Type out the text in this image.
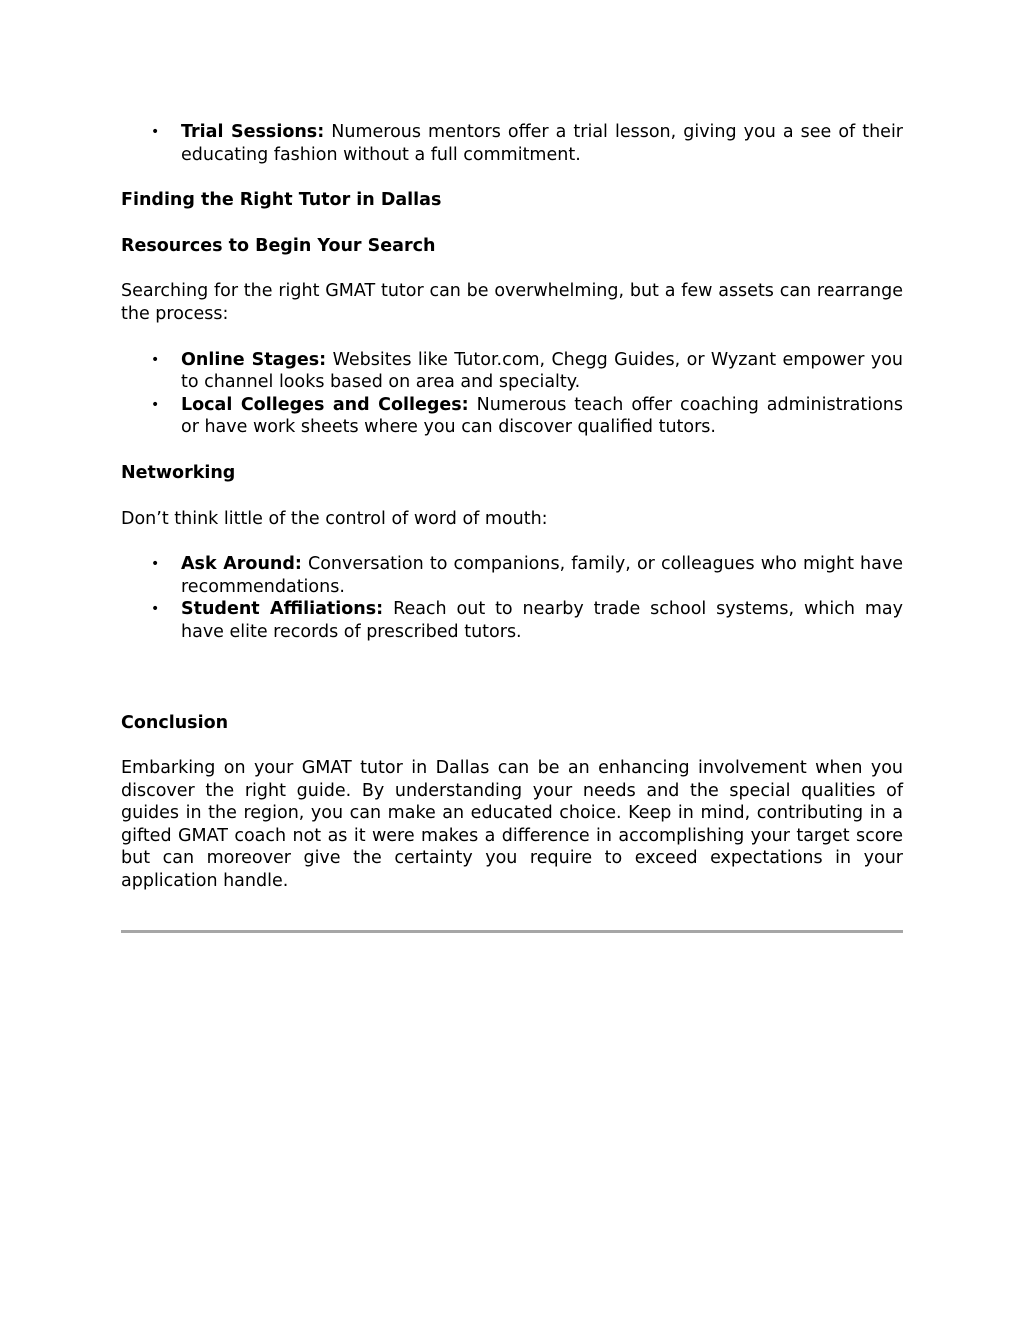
• Trial Sessions: Numerous mentors offer a trial lesson, giving you a see of their educating fashion without a full commitment.

Finding the Right Tutor in Dallas

Resources to Begin Your Search

Searching for the right GMAT tutor can be overwhelming, but a few assets can rearrange the process:

• Online Stages: Websites like Tutor.com, Chegg Guides, or Wyzant empower you to channel looks based on area and specialty.
• Local Colleges and Colleges: Numerous teach offer coaching administrations or have work sheets where you can discover qualified tutors.

Networking

Don’t think little of the control of word of mouth:

• Ask Around: Conversation to companions, family, or colleagues who might have recommendations.
• Student Affiliations: Reach out to nearby trade school systems, which may have elite records of prescribed tutors.

Conclusion

Embarking on your GMAT tutor in Dallas can be an enhancing involvement when you discover the right guide. By understanding your needs and the special qualities of guides in the region, you can make an educated choice. Keep in mind, contributing in a gifted GMAT coach not as it were makes a difference in accomplishing your target score but can moreover give the certainty you require to exceed expectations in your application handle.
